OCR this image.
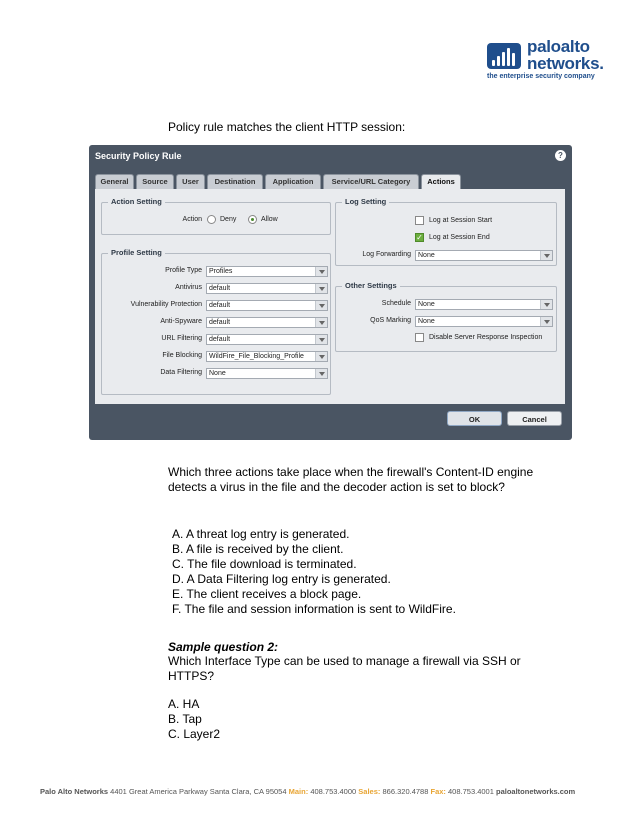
paloalto
networks.
the enterprise security company
Policy rule matches the client HTTP session:
Security Policy Rule	?
General	Source	User	Destination	Application	Service/URL Category	Actions
Action Setting
Action	Deny	Allow
Profile Setting
Profile Type	Profiles
Antivirus	default
Vulnerability Protection	default
Anti-Spyware	default
URL Filtering	default
File Blocking	WildFire_File_Blocking_Profile
Data Filtering	None
Log Setting
Log at Session Start
✓ Log at Session End
Log Forwarding	None
Other Settings
Schedule	None
QoS Marking	None
Disable Server Response Inspection
OK	Cancel
Which three actions take place when the firewall's Content-ID engine detects a virus in the file and the decoder action is set to block?
A. A threat log entry is generated.
B. A file is received by the client.
C. The file download is terminated.
D. A Data Filtering log entry is generated.
E. The client receives a block page.
F. The file and session information is sent to WildFire.
Sample question 2:
Which Interface Type can be used to manage a firewall via SSH or HTTPS?
A. HA
B. Tap
C. Layer2
Palo Alto Networks 4401 Great America Parkway Santa Clara, CA 95054 Main: 408.753.4000 Sales: 866.320.4788 Fax: 408.753.4001 paloaltonetworks.com
